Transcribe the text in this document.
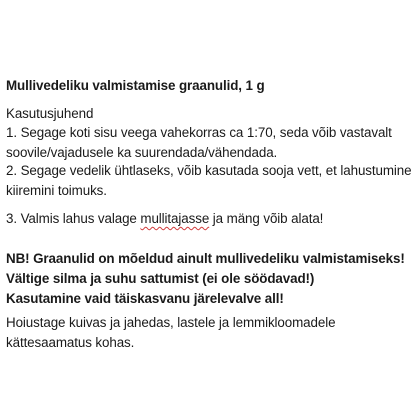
Mullivedeliku valmistamise graanulid, 1 g
Kasutusjuhend

1. Segage koti sisu veega vahekorras ca 1:70, seda võib vastavalt soovile/vajadusele ka suurendada/vähendada.

2. Segage vedelik ühtlaseks, võib kasutada sooja vett, et lahustumine kiiremini toimuks.

3. Valmis lahus valage mullitajasse ja mäng võib alata!

NB! Graanulid on mõeldud ainult mullivedeliku valmistamiseks!

Vältige silma ja suhu sattumist (ei ole söödavad!)

Kasutamine vaid täiskasvanu järelevalve all!

Hoiustage kuivas ja jahedas, lastele ja lemmikloomadele kättesaamatus kohas.
